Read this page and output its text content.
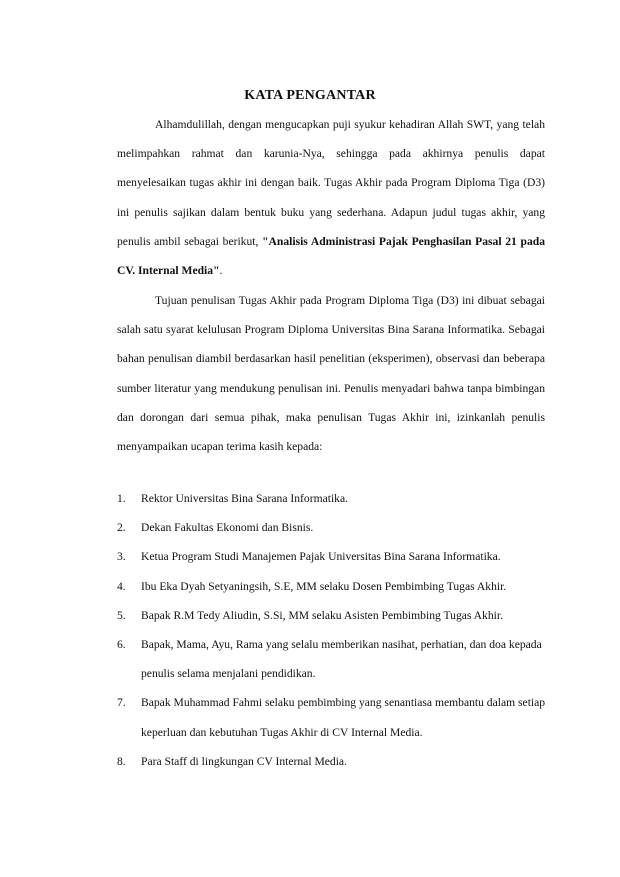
KATA PENGANTAR

Alhamdulillah, dengan mengucapkan puji syukur kehadiran Allah SWT, yang telah melimpahkan rahmat dan karunia-Nya, sehingga pada akhirnya penulis dapat menyelesaikan tugas akhir ini dengan baik. Tugas Akhir pada Program Diploma Tiga (D3) ini penulis sajikan dalam bentuk buku yang sederhana. Adapun judul tugas akhir, yang penulis ambil sebagai berikut, "Analisis Administrasi Pajak Penghasilan Pasal 21 pada CV. Internal Media".

Tujuan penulisan Tugas Akhir pada Program Diploma Tiga (D3) ini dibuat sebagai salah satu syarat kelulusan Program Diploma Universitas Bina Sarana Informatika. Sebagai bahan penulisan diambil berdasarkan hasil penelitian (eksperimen), observasi dan beberapa sumber literatur yang mendukung penulisan ini. Penulis menyadari bahwa tanpa bimbingan dan dorongan dari semua pihak, maka penulisan Tugas Akhir ini, izinkanlah penulis menyampaikan ucapan terima kasih kepada:

1. Rektor Universitas Bina Sarana Informatika.
2. Dekan Fakultas Ekonomi dan Bisnis.
3. Ketua Program Studi Manajemen Pajak Universitas Bina Sarana Informatika.
4. Ibu Eka Dyah Setyaningsih, S.E, MM selaku Dosen Pembimbing Tugas Akhir.
5. Bapak R.M Tedy Aliudin, S.Si, MM selaku Asisten Pembimbing Tugas Akhir.
6. Bapak, Mama, Ayu, Rama yang selalu memberikan nasihat, perhatian, dan doa kepada penulis selama menjalani pendidikan.
7. Bapak Muhammad Fahmi selaku pembimbing yang senantiasa membantu dalam setiap keperluan dan kebutuhan Tugas Akhir di CV Internal Media.
8. Para Staff di lingkungan CV Internal Media.
